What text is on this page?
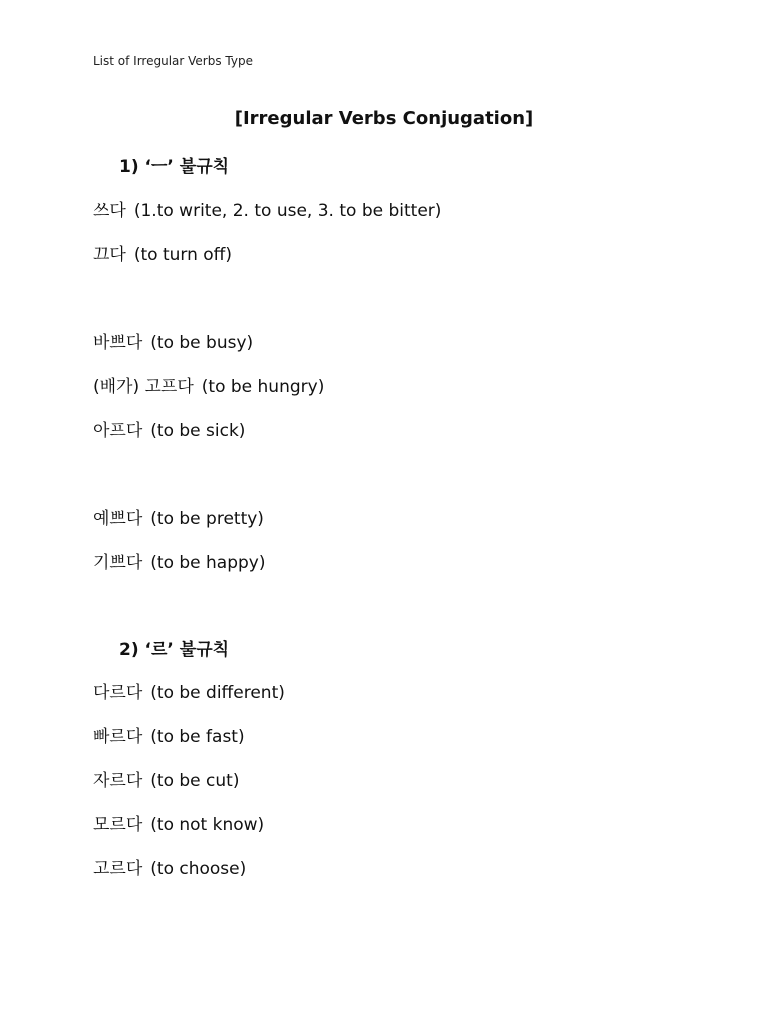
List of Irregular Verbs Type
[Irregular Verbs Conjugation]
1) ‘ㅡ’ 불규칙
쓰다 (1.to write, 2. to use, 3. to be bitter)
끄다 (to turn off)
바쁘다 (to be busy)
(배가) 고프다 (to be hungry)
아프다 (to be sick)
예쁘다 (to be pretty)
기쁘다 (to be happy)
2) ‘르’ 불규칙
다르다 (to be different)
빠르다 (to be fast)
자르다 (to be cut)
모르다 (to not know)
고르다 (to choose)
